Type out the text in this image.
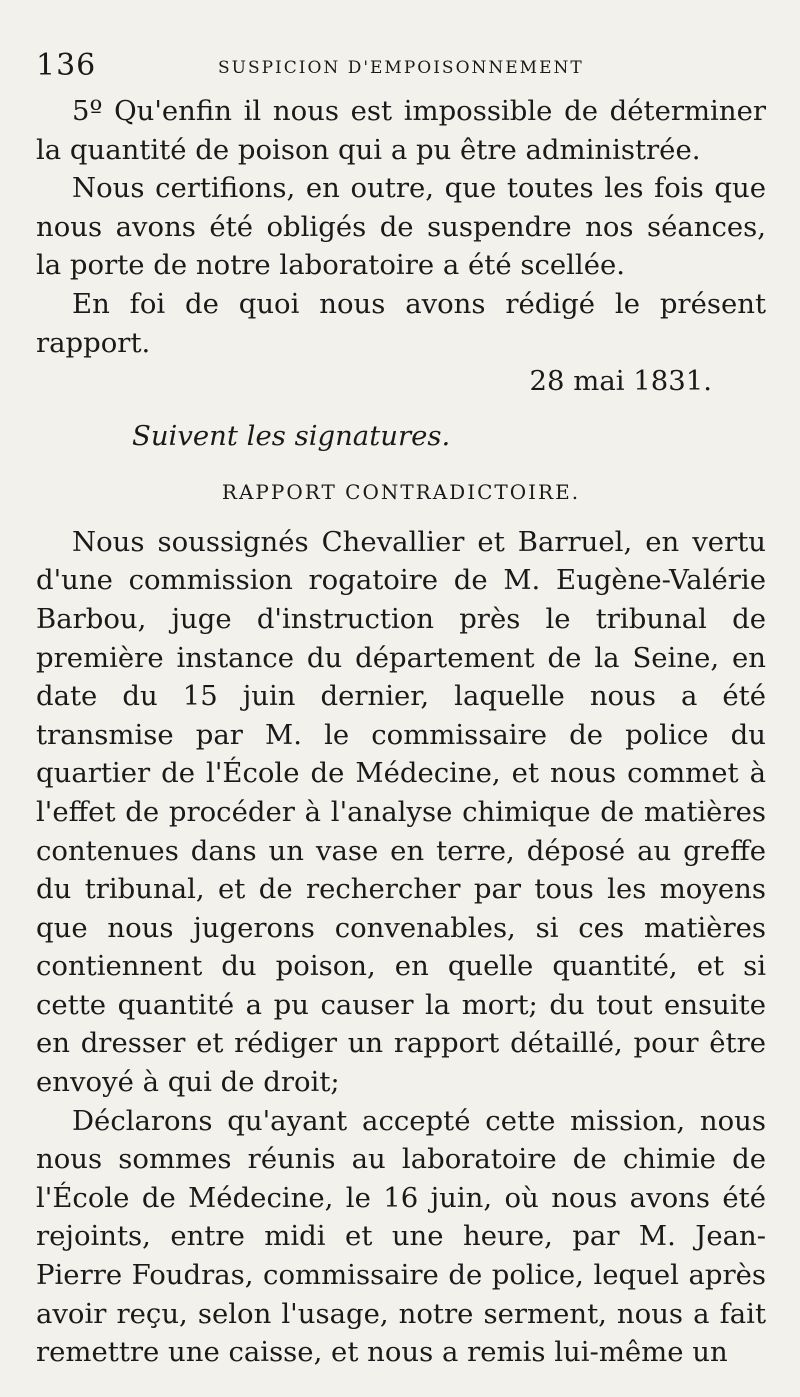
136	SUSPICION D'EMPOISONNEMENT

5º Qu'enfin il nous est impossible de déterminer la quantité de poison qui a pu être administrée.

Nous certifions, en outre, que toutes les fois que nous avons été obligés de suspendre nos séances, la porte de notre laboratoire a été scellée.

En foi de quoi nous avons rédigé le présent rapport.

28 mai 1831.

Suivent les signatures.

RAPPORT CONTRADICTOIRE.

Nous soussignés Chevallier et Barruel, en vertu d'une commission rogatoire de M. Eugène-Valérie Barbou, juge d'instruction près le tribunal de première instance du département de la Seine, en date du 15 juin dernier, laquelle nous a été transmise par M. le commissaire de police du quartier de l'École de Médecine, et nous commet à l'effet de procéder à l'analyse chimique de matières contenues dans un vase en terre, déposé au greffe du tribunal, et de rechercher par tous les moyens que nous jugerons convenables, si ces matières contiennent du poison, en quelle quantité, et si cette quantité a pu causer la mort; du tout ensuite en dresser et rédiger un rapport détaillé, pour être envoyé à qui de droit;

Déclarons qu'ayant accepté cette mission, nous nous sommes réunis au laboratoire de chimie de l'École de Médecine, le 16 juin, où nous avons été rejoints, entre midi et une heure, par M. Jean-Pierre Foudras, commissaire de police, lequel après avoir reçu, selon l'usage, notre serment, nous a fait remettre une caisse, et nous a remis lui-même un
